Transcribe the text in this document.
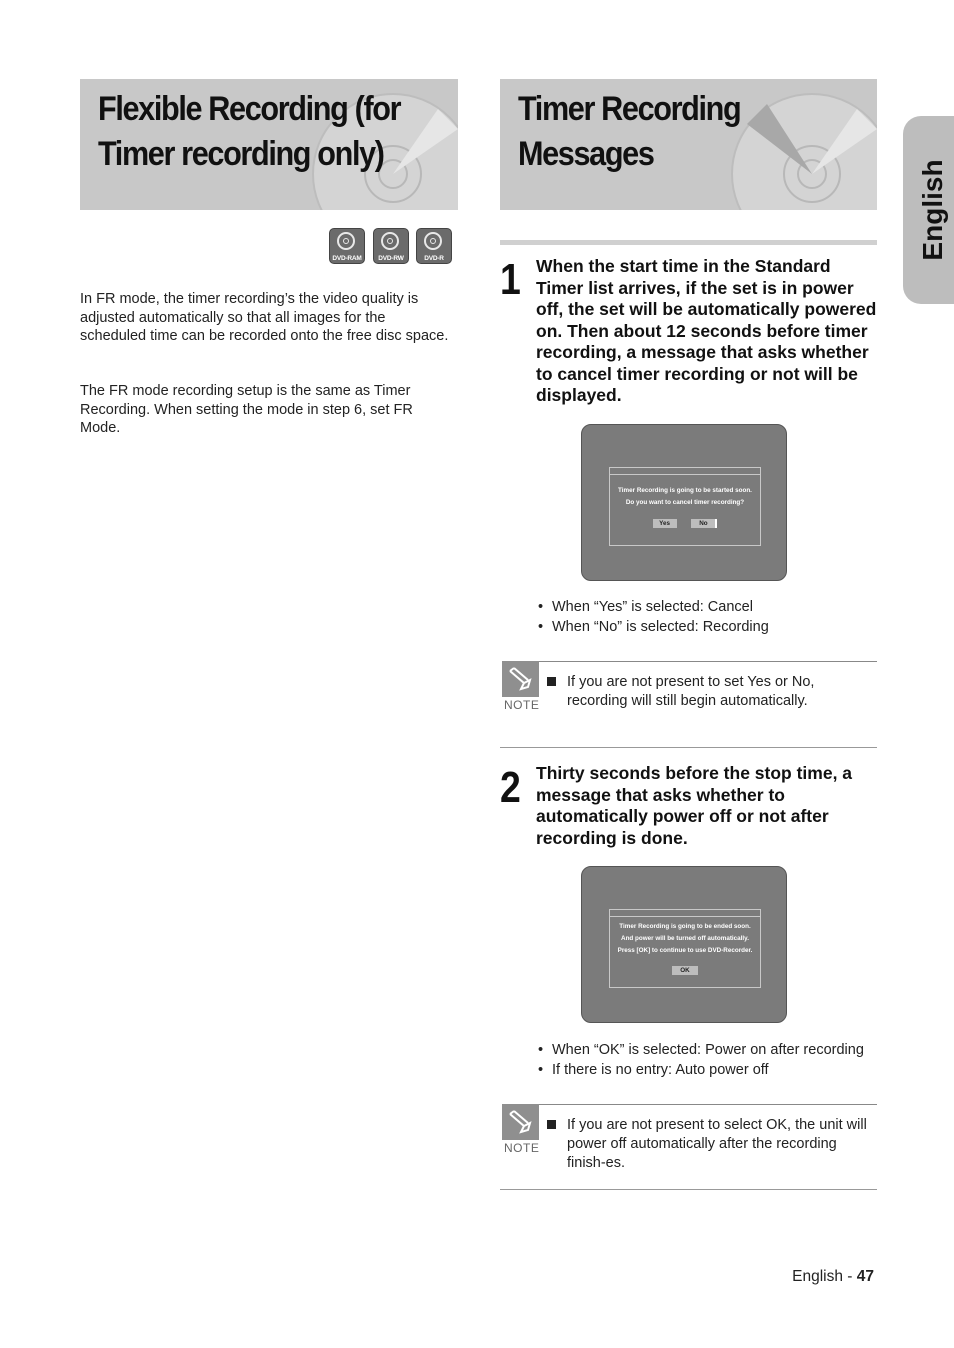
English
Flexible Recording (for
Timer recording only)
Timer Recording
Messages
DVD-RAM	DVD-RW	DVD-R
In FR mode, the timer recording’s the video quality is adjusted automatically so that all images for the scheduled time can be recorded onto the free disc space.
The FR mode recording setup is the same as Timer Recording. When setting the mode in step 6, set FR Mode.
1 When the start time in the Standard Timer list arrives, if the set is in power off, the set will be automatically powered on. Then about 12 seconds before timer recording, a message that asks whether to cancel timer recording or not will be displayed.
Timer Recording is going to be started soon.
Do you want to cancel timer recording?
Yes	No
• When “Yes” is selected: Cancel
• When “No” is selected: Recording
NOTE
If you are not present to set Yes or No, recording will still begin automatically.
2 Thirty seconds before the stop time, a message that asks whether to automatically power off or not after recording is done.
Timer Recording is going to be ended soon.
And power will be turned off automatically.
Press [OK] to continue to use DVD-Recorder.
OK
• When “OK” is selected: Power on after recording
• If there is no entry: Auto power off
NOTE
If you are not present to select OK, the unit will power off automatically after the recording finish-es.
English - 47
